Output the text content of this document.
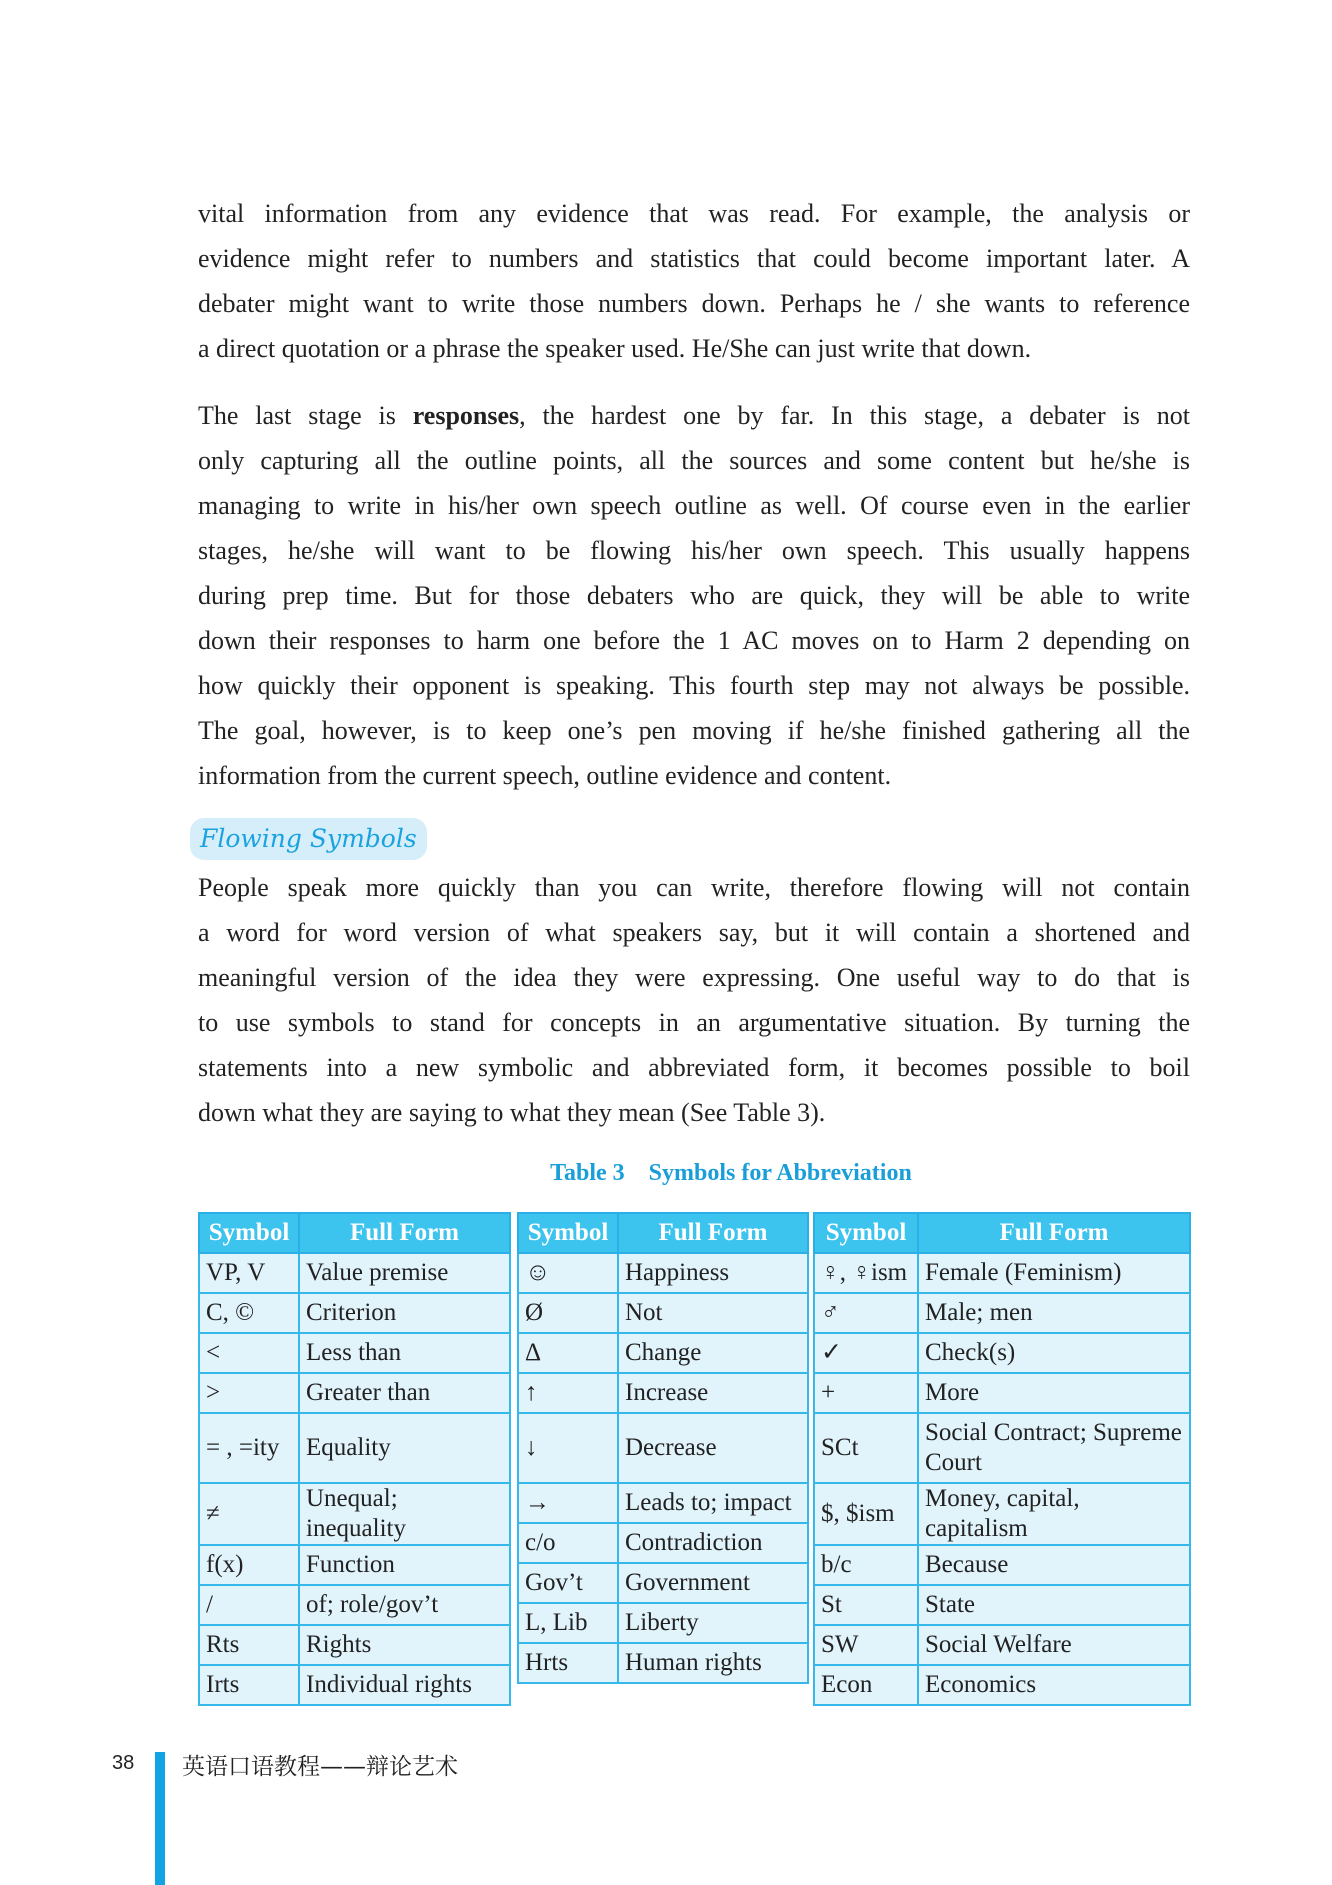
vital information from any evidence that was read. For example, the analysis or
evidence might refer to numbers and statistics that could become important later. A
debater might want to write those numbers down. Perhaps he / she wants to reference
a direct quotation or a phrase the speaker used. He/She can just write that down.
The last stage is responses, the hardest one by far. In this stage, a debater is not
only capturing all the outline points, all the sources and some content but he/she is
managing to write in his/her own speech outline as well. Of course even in the earlier
stages, he/she will want to be flowing his/her own speech. This usually happens
during prep time. But for those debaters who are quick, they will be able to write
down their responses to harm one before the 1 AC moves on to Harm 2 depending on
how quickly their opponent is speaking. This fourth step may not always be possible.
The goal, however, is to keep one’s pen moving if he/she finished gathering all the
information from the current speech, outline evidence and content.
Flowing Symbols
People speak more quickly than you can write, therefore flowing will not contain
a word for word version of what speakers say, but it will contain a shortened and
meaningful version of the idea they were expressing. One useful way to do that is
to use symbols to stand for concepts in an argumentative situation. By turning the
statements into a new symbolic and abbreviated form, it becomes possible to boil
down what they are saying to what they mean (See Table 3).
Table 3 Symbols for Abbreviation
Symbol	Full Form
VP, V	Value premise
C, ©	Criterion
<	Less than
>	Greater than
= , =ity	Equality
≠	Unequal; inequality
f(x)	Function
/	of; role/gov’t
Rts	Rights
Irts	Individual rights
Symbol	Full Form
☺	Happiness
Ø	Not
Δ	Change
↑	Increase
↓	Decrease
→	Leads to; impact
c/o	Contradiction
Gov’t	Government
L, Lib	Liberty
Hrts	Human rights
Symbol	Full Form
♀, ♀ism	Female (Feminism)
♂	Male; men
✓	Check(s)
+	More
SCt	Social Contract; Supreme Court
$, $ism	Money, capital, capitalism
b/c	Because
St	State
SW	Social Welfare
Econ	Economics
38 英语口语教程——辩论艺术
